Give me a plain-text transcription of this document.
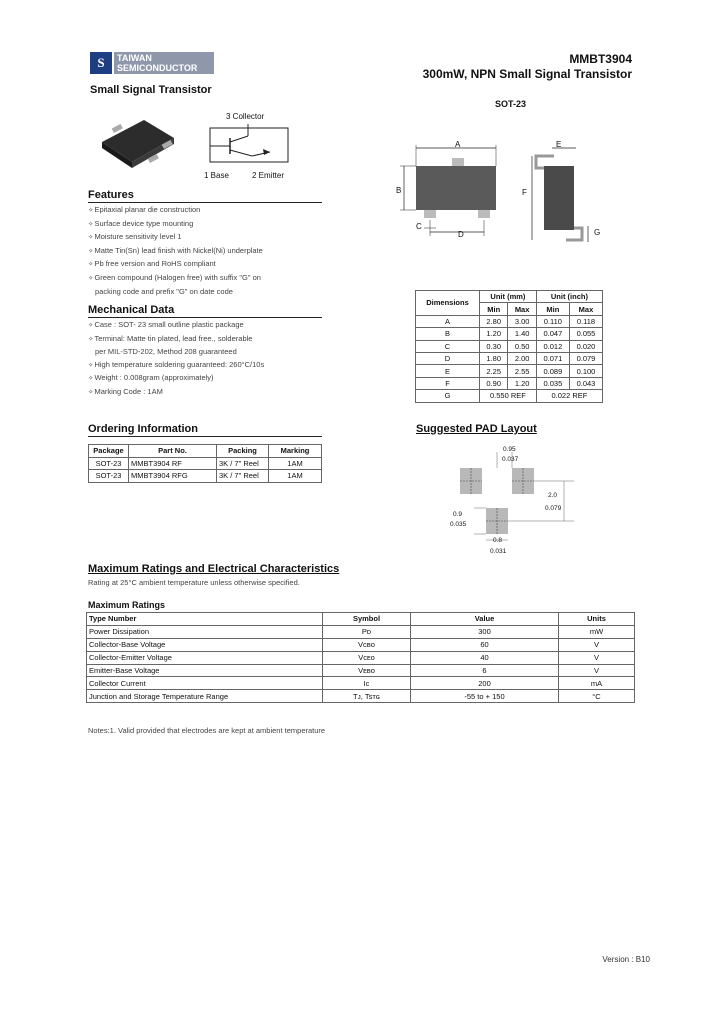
S	TAIWAN
SEMICONDUCTOR
MMBT3904
300mW, NPN Small Signal Transistor
Small Signal Transistor
SOT-23
3 Collector
1 Base	2 Emitter
A
B
C
D
E
F
G
Features
✧ Epitaxial planar die construction
✧ Surface device type mounting
✧ Moisture sensitivity level 1
✧ Matte Tin(Sn) lead finish with Nickel(Ni) underplate
✧ Pb free version and RoHS compliant
✧ Green compound (Halogen free) with suffix "G" on
packing code and prefix "G" on date code
Mechanical Data
✧ Case : SOT- 23 small outline plastic package
✧ Terminal: Matte tin plated, lead free., solderable
per MIL-STD-202, Method 208 guaranteed
✧ High temperature soldering guaranteed: 260°C/10s
✧ Weight : 0.008gram (approximately)
✧ Marking Code : 1AM
Dimensions	Unit (mm)		Unit (inch)	
	Min	Max	Min	Max
A	2.80	3.00	0.110	0.118
B	1.20	1.40	0.047	0.055
C	0.30	0.50	0.012	0.020
D	1.80	2.00	0.071	0.079
E	2.25	2.55	0.089	0.100
F	0.90	1.20	0.035	0.043
G	0.550 REF		0.022 REF	
Ordering Information
Package	Part No.	Packing	Marking
SOT-23	MMBT3904 RF	3K / 7" Reel	1AM
SOT-23	MMBT3904 RFG	3K / 7" Reel	1AM
Suggested PAD Layout
0.95
0.037
2.0
0.079
0.9
0.035
0.8
0.031
Maximum Ratings and Electrical Characteristics
Rating at 25°C ambient temperature unless otherwise specified.
Maximum Ratings
Type Number	Symbol	Value	Units
Power Dissipation	Pᴅ	300	mW
Collector-Base Voltage	Vᴄʙᴏ	60	V
Collector-Emitter Voltage	Vᴄᴇᴏ	40	V
Emitter-Base Voltage	Vᴇʙᴏ	6	V
Collector Current	Iᴄ	200	mA
Junction and Storage Temperature Range	Tᴊ, Tsᴛɢ	-55 to + 150	°C
Notes:1. Valid provided that electrodes are kept at ambient temperature
Version : B10
